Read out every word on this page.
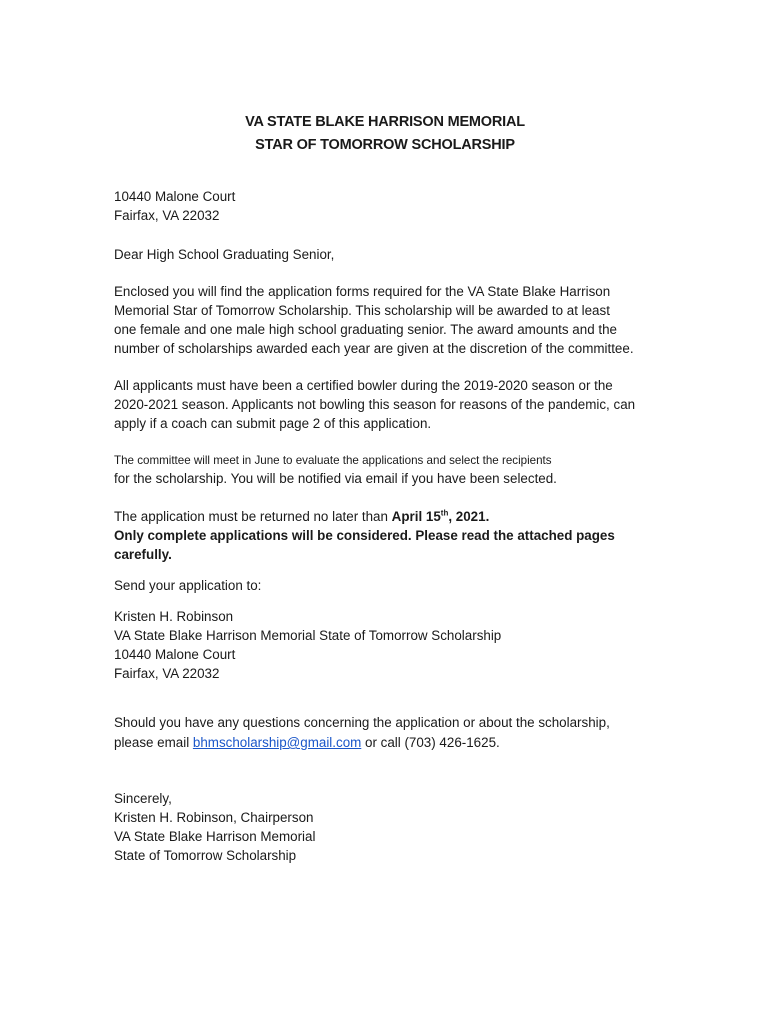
VA STATE BLAKE HARRISON MEMORIAL
STAR OF TOMORROW SCHOLARSHIP
10440 Malone Court
Fairfax, VA 22032
Dear High School Graduating Senior,
Enclosed you will find the application forms required for the VA State Blake Harrison
Memorial Star of Tomorrow Scholarship. This scholarship will be awarded to at least
one female and one male high school graduating senior. The award amounts and the
number of scholarships awarded each year are given at the discretion of the committee.
All applicants must have been a certified bowler during the 2019-2020 season or the
2020-2021 season. Applicants not bowling this season for reasons of the pandemic, can
apply if a coach can submit page 2 of this application.
The committee will meet in June to evaluate the applications and select the recipients
for the scholarship. You will be notified via email if you have been selected.
The application must be returned no later than April 15th, 2021.
Only complete applications will be considered. Please read the attached pages
carefully.
Send your application to:
Kristen H. Robinson
VA State Blake Harrison Memorial State of Tomorrow Scholarship
10440 Malone Court
Fairfax, VA 22032
Should you have any questions concerning the application or about the scholarship,
please email bhmscholarship@gmail.com or call (703) 426-1625.
Sincerely,
Kristen H. Robinson, Chairperson
VA State Blake Harrison Memorial
State of Tomorrow Scholarship
